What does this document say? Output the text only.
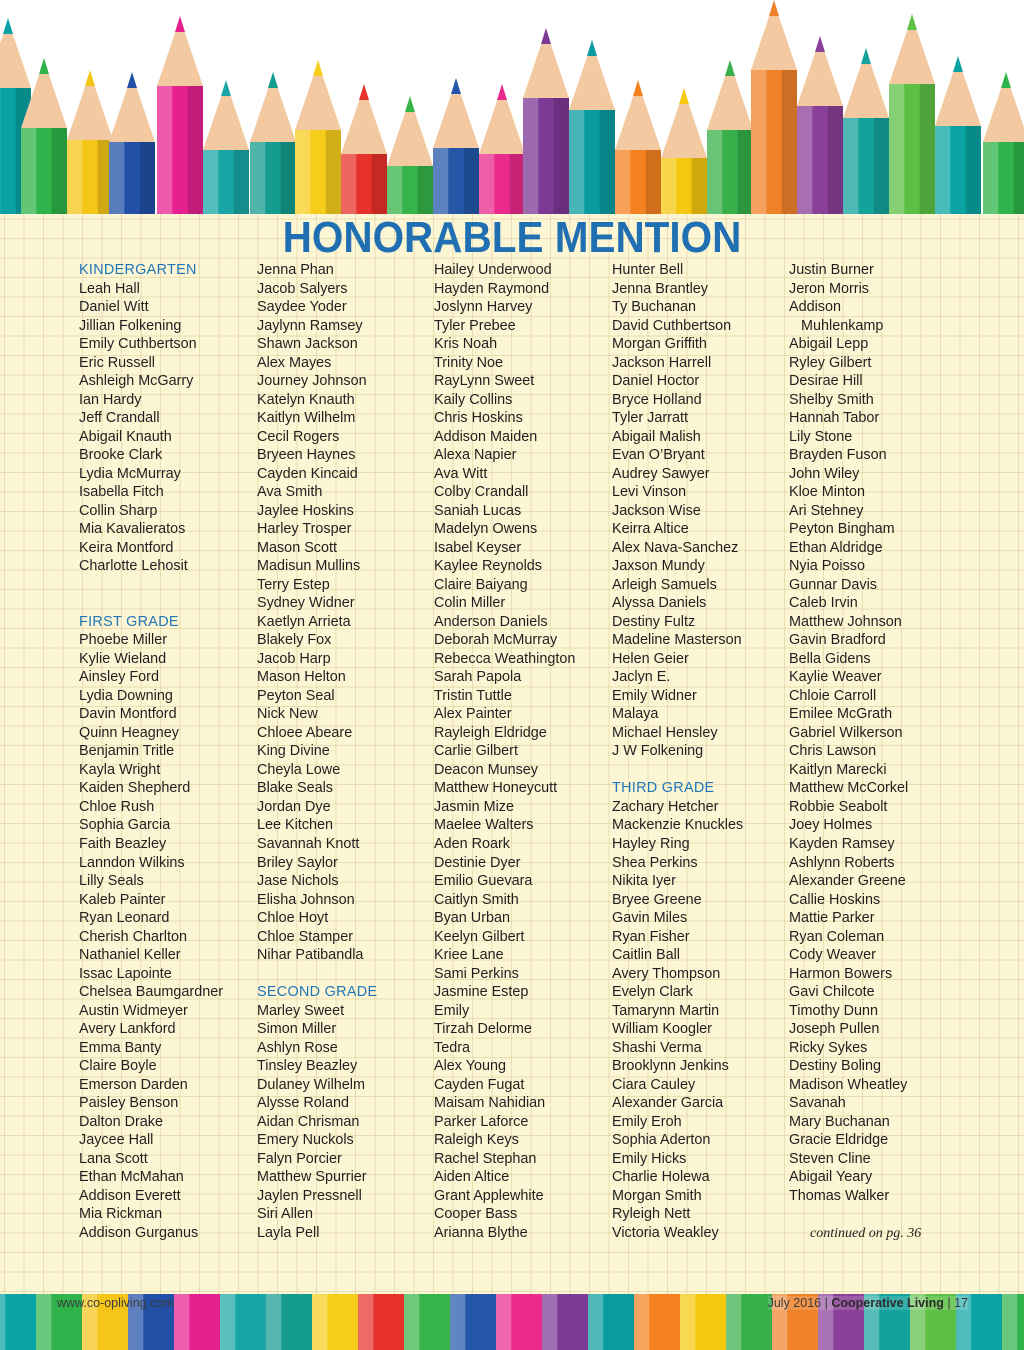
HONORABLE MENTION
KINDERGARTEN
Leah Hall
Daniel Witt
Jillian Folkening
Emily Cuthbertson
Eric Russell
Ashleigh McGarry
Ian Hardy
Jeff Crandall
Abigail Knauth
Brooke Clark
Lydia McMurray
Isabella Fitch
Collin Sharp
Mia Kavalieratos
Keira Montford
Charlotte Lehosit
FIRST GRADE
Phoebe Miller
Kylie Wieland
Ainsley Ford
Lydia Downing
Davin Montford
Quinn Heagney
Benjamin Tritle
Kayla Wright
Kaiden Shepherd
Chloe Rush
Sophia Garcia
Faith Beazley
Lanndon Wilkins
Lilly Seals
Kaleb Painter
Ryan Leonard
Cherish Charlton
Nathaniel Keller
Issac Lapointe
Chelsea Baumgardner
Austin Widmeyer
Avery Lankford
Emma Banty
Claire Boyle
Emerson Darden
Paisley Benson
Dalton Drake
Jaycee Hall
Lana Scott
Ethan McMahan
Addison Everett
Mia Rickman
Addison Gurganus
Jenna Phan
Jacob Salyers
Saydee Yoder
Jaylynn Ramsey
Shawn Jackson
Alex Mayes
Journey Johnson
Katelyn Knauth
Kaitlyn Wilhelm
Cecil Rogers
Bryeen Haynes
Cayden Kincaid
Ava Smith
Jaylee Hoskins
Harley Trosper
Mason Scott
Madisun Mullins
Terry Estep
Sydney Widner
Kaetlyn Arrieta
Blakely Fox
Jacob Harp
Mason Helton
Peyton Seal
Nick New
Chloee Abeare
King Divine
Cheyla Lowe
Blake Seals
Jordan Dye
Lee Kitchen
Savannah Knott
Briley Saylor
Jase Nichols
Elisha Johnson
Chloe Hoyt
Chloe Stamper
Nihar Patibandla
SECOND GRADE
Marley Sweet
Simon Miller
Ashlyn Rose
Tinsley Beazley
Dulaney Wilhelm
Alysse Roland
Aidan Chrisman
Emery Nuckols
Falyn Porcier
Matthew Spurrier
Jaylen Pressnell
Siri Allen
Layla Pell
Hailey Underwood
Hayden Raymond
Joslynn Harvey
Tyler Prebee
Kris Noah
Trinity Noe
RayLynn Sweet
Kaily Collins
Chris Hoskins
Addison Maiden
Alexa Napier
Ava Witt
Colby Crandall
Saniah Lucas
Madelyn Owens
Isabel Keyser
Kaylee Reynolds
Claire Baiyang
Colin Miller
Anderson Daniels
Deborah McMurray
Rebecca Weathington
Sarah Papola
Tristin Tuttle
Alex Painter
Rayleigh Eldridge
Carlie Gilbert
Deacon Munsey
Matthew Honeycutt
Jasmin Mize
Maelee Walters
Aden Roark
Destinie Dyer
Emilio Guevara
Caitlyn Smith
Byan Urban
Keelyn Gilbert
Kriee Lane
Sami Perkins
Jasmine Estep
Emily
Tirzah Delorme
Tedra
Alex Young
Cayden Fugat
Maisam Nahidian
Parker Laforce
Raleigh Keys
Rachel Stephan
Aiden Altice
Grant Applewhite
Cooper Bass
Arianna Blythe
Hunter Bell
Jenna Brantley
Ty Buchanan
David Cuthbertson
Morgan Griffith
Jackson Harrell
Daniel Hoctor
Bryce Holland
Tyler Jarratt
Abigail Malish
Evan O’Bryant
Audrey Sawyer
Levi Vinson
Jackson Wise
Keirra Altice
Alex Nava-Sanchez
Jaxson Mundy
Arleigh Samuels
Alyssa Daniels
Destiny Fultz
Madeline Masterson
Helen Geier
Jaclyn E.
Emily Widner
Malaya
Michael Hensley
J W Folkening
THIRD GRADE
Zachary Hetcher
Mackenzie Knuckles
Hayley Ring
Shea Perkins
Nikita Iyer
Bryee Greene
Gavin Miles
Ryan Fisher
Caitlin Ball
Avery Thompson
Evelyn Clark
Tamarynn Martin
William Koogler
Shashi Verma
Brooklynn Jenkins
Ciara Cauley
Alexander Garcia
Emily Eroh
Sophia Aderton
Emily Hicks
Charlie Holewa
Morgan Smith
Ryleigh Nett
Victoria Weakley
Justin Burner
Jeron Morris
Addison
Muhlenkamp
Abigail Lepp
Ryley Gilbert
Desirae Hill
Shelby Smith
Hannah Tabor
Lily Stone
Brayden Fuson
John Wiley
Kloe Minton
Ari Stehney
Peyton Bingham
Ethan Aldridge
Nyia Poisso
Gunnar Davis
Caleb Irvin
Matthew Johnson
Gavin Bradford
Bella Gidens
Kaylie Weaver
Chloie Carroll
Emilee McGrath
Gabriel Wilkerson
Chris Lawson
Kaitlyn Marecki
Matthew McCorkel
Robbie Seabolt
Joey Holmes
Kayden Ramsey
Ashlynn Roberts
Alexander Greene
Callie Hoskins
Mattie Parker
Ryan Coleman
Cody Weaver
Harmon Bowers
Gavi Chilcote
Timothy Dunn
Joseph Pullen
Ricky Sykes
Destiny Boling
Madison Wheatley
Savanah
Mary Buchanan
Gracie Eldridge
Steven Cline
Abigail Yeary
Thomas Walker
continued on pg. 36
www.co-opliving.com	July 2016 | Cooperative Living | 17
